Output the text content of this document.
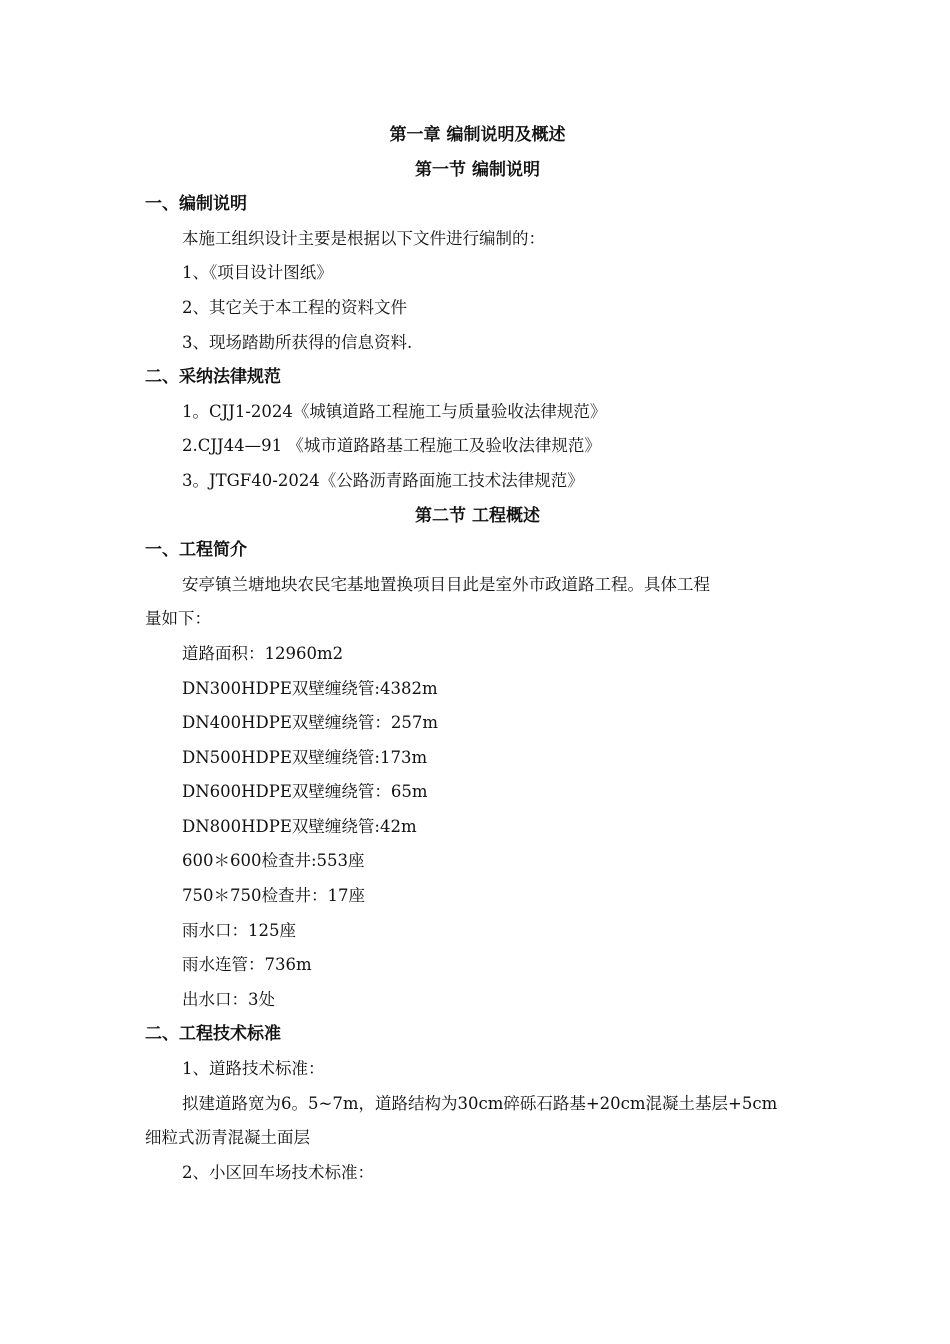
第一章 编制说明及概述
第一节 编制说明
一、编制说明
本施工组织设计主要是根据以下文件进行编制的：
1、《项目设计图纸》
2、其它关于本工程的资料文件
3、现场踏勘所获得的信息资料.
二、采纳法律规范
1。CJJ1-2024《城镇道路工程施工与质量验收法律规范》
2.CJJ44—91 《城市道路路基工程施工及验收法律规范》
3。JTGF40-2024《公路沥青路面施工技术法律规范》
第二节 工程概述
一、工程简介
安亭镇兰塘地块农民宅基地置换项目目此是室外市政道路工程。具体工程
量如下：
道路面积：12960m2
DN300HDPE双壁缠绕管:4382m
DN400HDPE双壁缠绕管：257m
DN500HDPE双壁缠绕管:173m
DN600HDPE双壁缠绕管：65m
DN800HDPE双壁缠绕管:42m
600＊600检查井:553座
750＊750检查井：17座
雨水口：125座
雨水连管：736m
出水口：3处
二、工程技术标准
1、道路技术标准：
拟建道路宽为6。5~7m，道路结构为30cm碎砾石路基+20cm混凝土基层+5cm
细粒式沥青混凝土面层
2、小区回车场技术标准：
